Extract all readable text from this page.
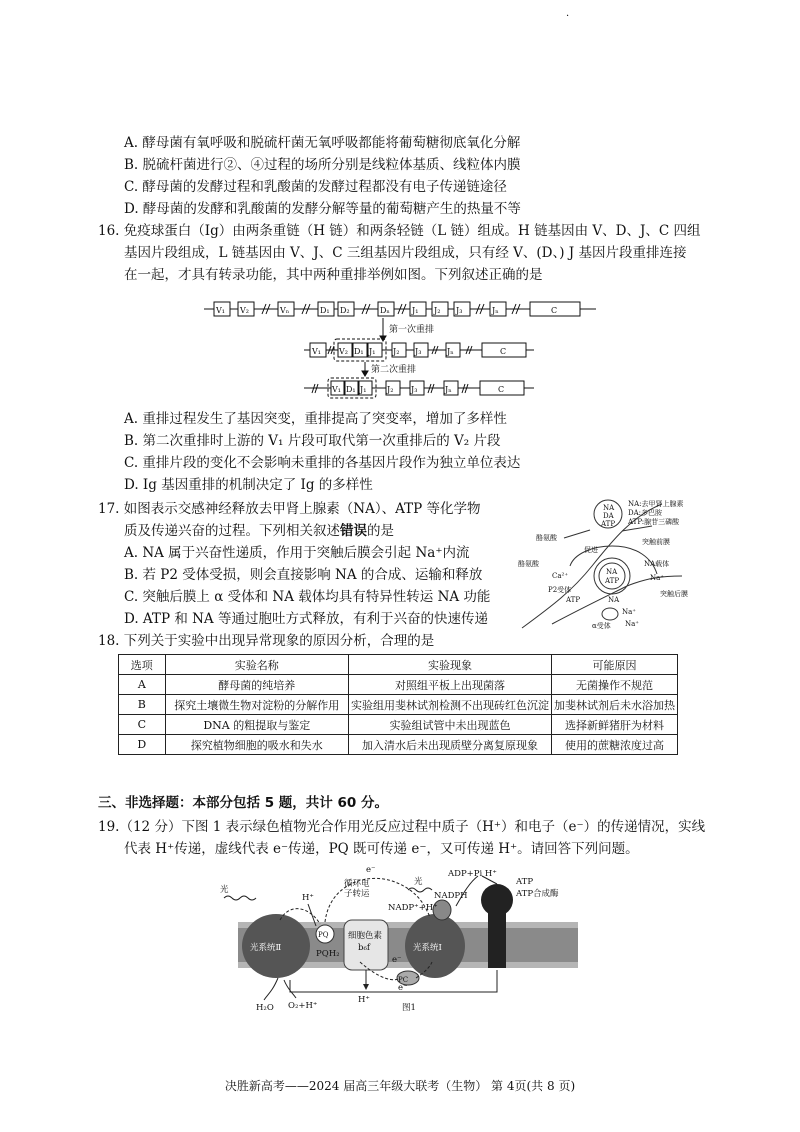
·
A. 酵母菌有氧呼吸和脱硫杆菌无氧呼吸都能将葡萄糖彻底氧化分解
B. 脱硫杆菌进行②、④过程的场所分别是线粒体基质、线粒体内膜
C. 酵母菌的发酵过程和乳酸菌的发酵过程都没有电子传递链途径
D. 酵母菌的发酵和乳酸菌的发酵分解等量的葡萄糖产生的热量不等
16. 免疫球蛋白（Ig）由两条重链（H 链）和两条轻链（L 链）组成。H 链基因由 V、D、J、C 四组
基因片段组成，L 链基因由 V、J、C 三组基因片段组成，只有经 V、(D、) J 基因片段重排连接
在一起，才具有转录功能，其中两种重排举例如图。下列叙述正确的是
V₁ V₂	Vₙ	D₁ D₂	Dₙ	J₁ J₂ J₃	Jₙ	C
V₁ V₂ D₁ J₁ J₂ J₃	Jₙ	C
V₁ D₁ J₁	J₂ J₃	Jₙ	C
第一次重排
第二次重排
A. 重排过程发生了基因突变，重排提高了突变率，增加了多样性
B. 第二次重排时上游的 V₁ 片段可取代第一次重排后的 V₂ 片段
C. 重排片段的变化不会影响未重排的各基因片段作为独立单位表达
D. Ig 基因重排的机制决定了 Ig 的多样性
17. 如图表示交感神经释放去甲肾上腺素（NA）、ATP 等化学物
质及传递兴奋的过程。下列相关叙述错误的是
A. NA 属于兴奋性递质，作用于突触后膜会引起 Na⁺内流
B. 若 P2 受体受损，则会直接影响 NA 的合成、运输和释放
C. 突触后膜上 α 受体和 NA 载体均具有特异性转运 NA 功能
D. ATP 和 NA 等通过胞吐方式释放，有利于兴奋的快速传递
NA:去甲肾上腺素
DA:多巴胺
ATP:腺苷三磷酸
酪氨酸
酪氨酸
NA
DA
ATP
促进
Ca²⁺
P2受体
ATP
NA
ATP
突触前膜
NA载体
Na⁺
突触后膜
NA
Na⁺
α受体 Na⁺
18. 下列关于实验中出现异常现象的原因分析，合理的是
选项	实验名称	实验现象	可能原因
A	酵母菌的纯培养	对照组平板上出现菌落	无菌操作不规范
B	探究土壤微生物对淀粉的分解作用	实验组用斐林试剂检测不出现砖红色沉淀	加斐林试剂后未水浴加热
C	DNA 的粗提取与鉴定	实验组试管中未出现蓝色	选择新鲜猪肝为材料
D	探究植物细胞的吸水和失水	加入清水后未出现质壁分离复原现象	使用的蔗糖浓度过高
三、非选择题：本部分包括 5 题，共计 60 分。
19.（12 分）下图 1 表示绿色植物光合作用光反应过程中质子（H⁺）和电子（e⁻）的传递情况，实线
代表 H⁺传递，虚线代表 e⁻传递，PQ 既可传递 e⁻，又可传递 H⁺。请回答下列问题。
光
光
光系统Ⅱ	光系统Ⅰ
H⁺
e⁻
循环电
子转运
PQ
PQH₂
细胞色素
b₆f
NADP⁺+H⁺
NADPH
ADP+Pi H⁺
ATP
ATP合成酶
PC
H₂O O₂+H⁺
H⁺
e⁻
e⁻
图1
决胜新高考——2024 届高三年级大联考（生物） 第 4页(共 8 页)
